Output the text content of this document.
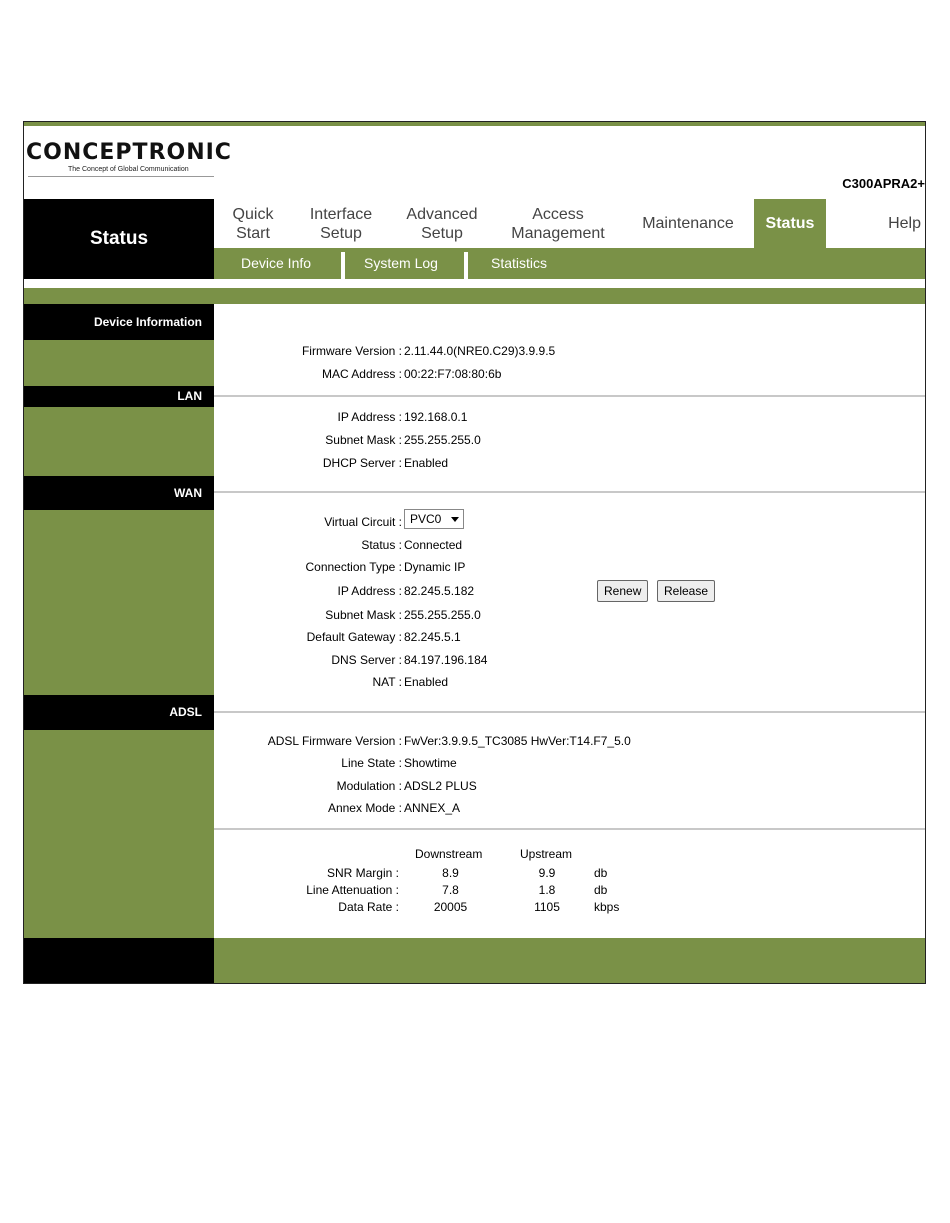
CONCEPTRONIC
The Concept of Global Communication
C300APRA2+
Status
Quick
Start
Interface
Setup
Advanced
Setup
Access
Management
Maintenance	Status	Help
Device Info	System Log	Statistics
Device Information
Firmware Version : 2.11.44.0(NRE0.C29)3.9.9.5
MAC Address : 00:22:F7:08:80:6b
LAN
IP Address : 192.168.0.1
Subnet Mask : 255.255.255.0
DHCP Server : Enabled
WAN
Virtual Circuit : PVC0
Status : Connected
Connection Type : Dynamic IP
IP Address : 82.245.5.182	Renew	Release
Subnet Mask : 255.255.255.0
Default Gateway : 82.245.5.1
DNS Server : 84.197.196.184
NAT : Enabled
ADSL
ADSL Firmware Version : FwVer:3.9.9.5_TC3085 HwVer:T14.F7_5.0
Line State : Showtime
Modulation : ADSL2 PLUS
Annex Mode : ANNEX_A
Downstream	Upstream
SNR Margin :	8.9	9.9	db
Line Attenuation :	7.8	1.8	db
Data Rate :	20005	1105	kbps
